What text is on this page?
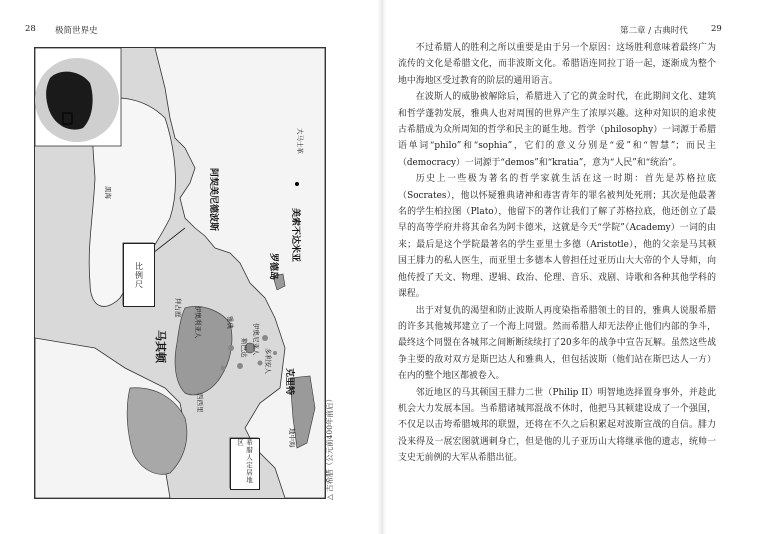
28 极简世界史	第二章 / 古典时代	29
黑海	阿契美尼德波斯
比例尺
美索不达米亚
罗德岛
克里特
马其顿
伊奥利亚人
希腊人定居地区
雅典
斯巴达 伊奥尼亚人
多利安人
拜占庭
地中海
大马士革
西西里	△ 古希腊（公元前400年前后）

不过希腊人的胜利之所以重要是由于另一个原因：这场胜利意味着最终广为流传的文化是希腊文化，而非波斯文化。希腊语连同拉丁语一起，逐渐成为整个地中海地区受过教育的阶层的通用语言。

在波斯人的威胁被解除后，希腊进入了它的黄金时代，在此期间文化、建筑和哲学蓬勃发展，雅典人也对周围的世界产生了浓厚兴趣。这种对知识的追求使古希腊成为众所周知的哲学和民主的诞生地。哲学（philosophy）一词源于希腊语单词“philo”和“sophia”，它们的意义分别是“爱”和“智慧”；而民主（democracy）一词源于“demos”和“kratia”，意为“人民”和“统治”。

历史上一些极为著名的哲学家就生活在这一时期：首先是苏格拉底（Socrates），他以怀疑雅典诸神和毒害青年的罪名被判处死刑；其次是他最著名的学生柏拉图（Plato），他留下的著作让我们了解了苏格拉底，他还创立了最早的高等学府并将其命名为阿卡德米，这就是今天“学院”（Academy）一词的由来；最后是这个学院最著名的学生亚里士多德（Aristotle），他的父亲是马其顿国王腓力的私人医生，而亚里士多德本人曾担任过亚历山大大帝的个人导师，向他传授了天文、物理、逻辑、政治、伦理、音乐、戏剧、诗歌和各种其他学科的课程。

出于对复仇的渴望和防止波斯人再度染指希腊领土的目的，雅典人说服希腊的许多其他城邦建立了一个海上同盟。然而希腊人却无法停止他们内部的争斗，最终这个同盟在各城邦之间断断续续打了20多年的战争中宣告瓦解。虽然这些战争主要的敌对双方是斯巴达人和雅典人，但包括波斯（他们站在斯巴达人一方）在内的整个地区都被卷入。

邻近地区的马其顿国王腓力二世（Philip II）明智地选择置身事外，并趁此机会大力发展本国。当希腊诸城邦混战不休时，他把马其顿建设成了一个强国，不仅足以击垮希腊城邦的联盟，还将在不久之后积累起对波斯宣战的自信。腓力没来得及一展宏图就遇刺身亡，但是他的儿子亚历山大将继承他的遗志，统帅一支史无前例的大军从希腊出征。
